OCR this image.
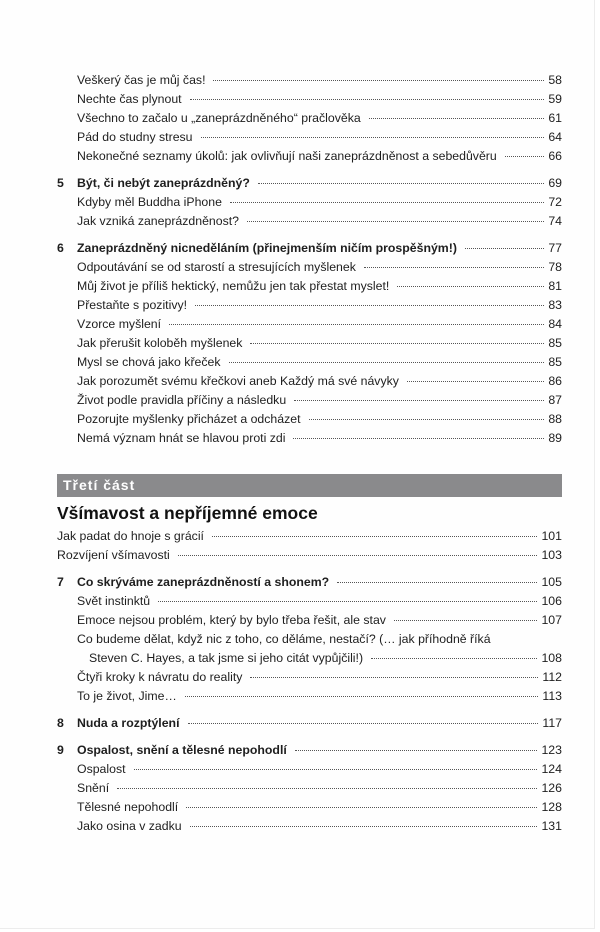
Veškerý čas je můj čas!	58
Nechte čas plynout	59
Všechno to začalo u „zaneprázdněného“ pračlověka	61
Pád do studny stresu	64
Nekonečné seznamy úkolů: jak ovlivňují naši zaneprázdněnost a sebedůvěru	66
5	Být, či nebýt zaneprázdněný?	69
Kdyby měl Buddha iPhone	72
Jak vzniká zaneprázdněnost?	74
6	Zaneprázdněný nicneděláním (přinejmenším ničím prospěšným!)	77
Odpoutávání se od starostí a stresujících myšlenek	78
Můj život je příliš hektický, nemůžu jen tak přestat myslet!	81
Přestaňte s pozitivy!	83
Vzorce myšlení	84
Jak přerušit koloběh myšlenek	85
Mysl se chová jako křeček	85
Jak porozumět svému křečkovi aneb Každý má své návyky	86
Život podle pravidla příčiny a následku	87
Pozorujte myšlenky přicházet a odcházet	88
Nemá význam hnát se hlavou proti zdi	89
Třetí část
Všímavost a nepříjemné emoce
Jak padat do hnoje s grácií	101
Rozvíjení všímavosti	103
7	Co skrýváme zaneprázdněností a shonem?	105
Svět instinktů	106
Emoce nejsou problém, který by bylo třeba řešit, ale stav	107
Co budeme dělat, když nic z toho, co děláme, nestačí? (… jak příhodně říká
Steven C. Hayes, a tak jsme si jeho citát vypůjčili!)	108
Čtyři kroky k návratu do reality	112
To je život, Jime…	113
8	Nuda a rozptýlení	117
9	Ospalost, snění a tělesné nepohodlí	123
Ospalost	124
Snění	126
Tělesné nepohodlí	128
Jako osina v zadku	131
